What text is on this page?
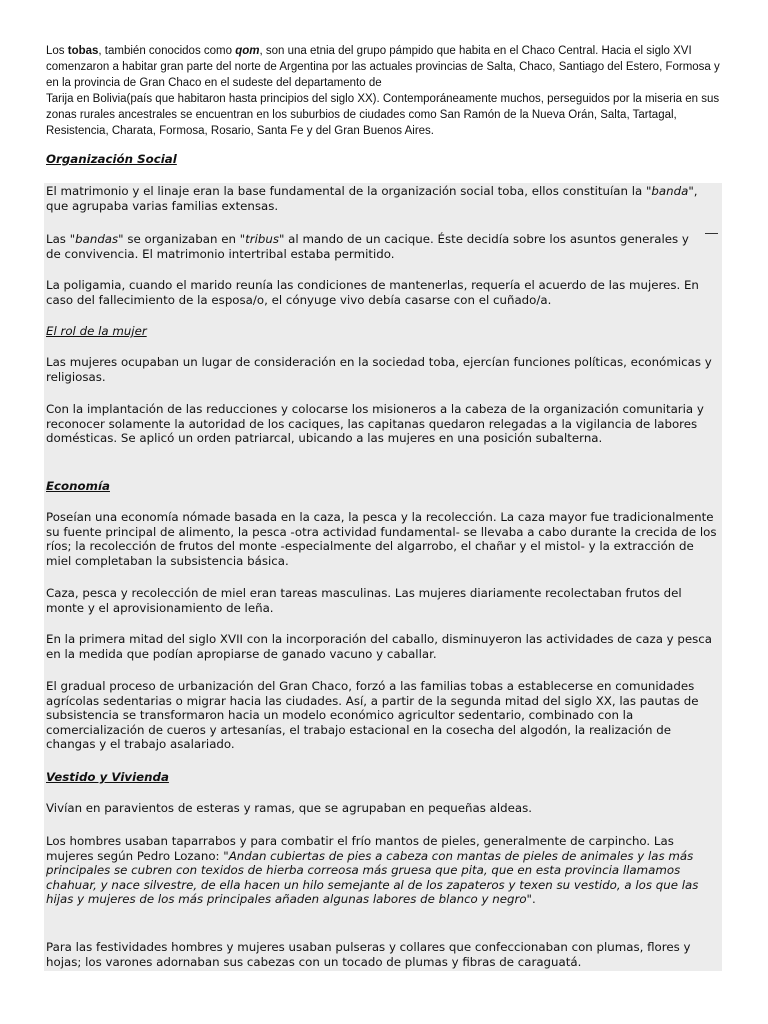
Los tobas, también conocidos como qom, son una etnia del grupo pámpido que habita en el Chaco Central. Hacia el siglo XVI comenzaron a habitar gran parte del norte de Argentina por las actuales provincias de Salta, Chaco, Santiago del Estero, Formosa y en la provincia de Gran Chaco en el sudeste del departamento de
Tarija en Bolivia(país que habitaron hasta principios del siglo XX). Contemporáneamente muchos, perseguidos por la miseria en sus zonas rurales ancestrales se encuentran en los suburbios de ciudades como San Ramón de la Nueva Orán, Salta, Tartagal, Resistencia, Charata, Formosa, Rosario, Santa Fe y del Gran Buenos Aires.

Organización Social
El matrimonio y el linaje eran la base fundamental de la organización social toba, ellos constituían la "banda", que agrupaba varias familias extensas.
Las "bandas" se organizaban en "tribus" al mando de un cacique. Éste decidía sobre los asuntos generales y de convivencia. El matrimonio intertribal estaba permitido.
La poligamia, cuando el marido reunía las condiciones de mantenerlas, requería el acuerdo de las mujeres. En caso del fallecimiento de la esposa/o, el cónyuge vivo debía casarse con el cuñado/a.
El rol de la mujer
Las mujeres ocupaban un lugar de consideración en la sociedad toba, ejercían funciones políticas, económicas y religiosas.
Con la implantación de las reducciones y colocarse los misioneros a la cabeza de la organización comunitaria y reconocer solamente la autoridad de los caciques, las capitanas quedaron relegadas a la vigilancia de labores domésticas. Se aplicó un orden patriarcal, ubicando a las mujeres en una posición subalterna.
Economía
Poseían una economía nómade basada en la caza, la pesca y la recolección. La caza mayor fue tradicionalmente su fuente principal de alimento, la pesca -otra actividad fundamental- se llevaba a cabo durante la crecida de los ríos; la recolección de frutos del monte -especialmente del algarrobo, el chañar y el mistol- y la extracción de miel completaban la subsistencia básica.
Caza, pesca y recolección de miel eran tareas masculinas. Las mujeres diariamente recolectaban frutos del monte y el aprovisionamiento de leña.
En la primera mitad del siglo XVII con la incorporación del caballo, disminuyeron las actividades de caza y pesca en la medida que podían apropiarse de ganado vacuno y caballar.
El gradual proceso de urbanización del Gran Chaco, forzó a las familias tobas a establecerse en comunidades agrícolas sedentarias o migrar hacia las ciudades. Así, a partir de la segunda mitad del siglo XX, las pautas de subsistencia se transformaron hacia un modelo económico agricultor sedentario, combinado con la comercialización de cueros y artesanías, el trabajo estacional en la cosecha del algodón, la realización de changas y el trabajo asalariado.
Vestido y Vivienda
Vivían en paravientos de esteras y ramas, que se agrupaban en pequeñas aldeas.
Los hombres usaban taparrabos y para combatir el frío mantos de pieles, generalmente de carpincho. Las mujeres según Pedro Lozano: "Andan cubiertas de pies a cabeza con mantas de pieles de animales y las más principales se cubren con texidos de hierba correosa más gruesa que pita, que en esta provincia llamamos chahuar, y nace silvestre, de ella hacen un hilo semejante al de los zapateros y texen su vestido, a los que las hijas y mujeres de los más principales añaden algunas labores de blanco y negro".
Para las festividades hombres y mujeres usaban pulseras y collares que confeccionaban con plumas, flores y hojas; los varones adornaban sus cabezas con un tocado de plumas y fibras de caraguatá.
